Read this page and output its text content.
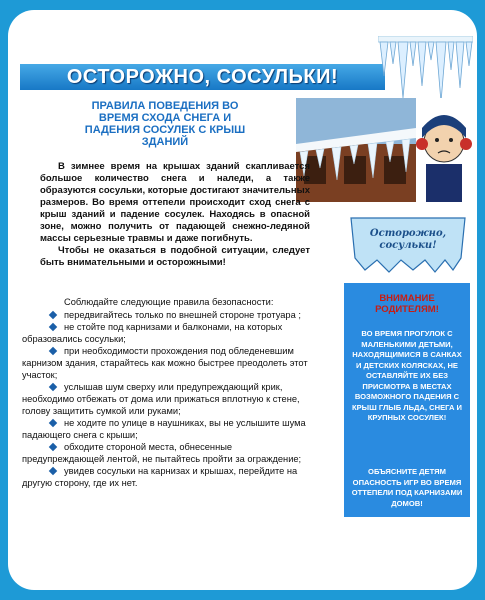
ОСТОРОЖНО, СОСУЛЬКИ!
Осторожно,
сосульки!
ПРАВИЛА ПОВЕДЕНИЯ ВО
ВРЕМЯ СХОДА СНЕГА И
ПАДЕНИЯ СОСУЛЕК С КРЫШ
ЗДАНИЙ

В зимнее время на крышах зданий скапливается большое количество снега и наледи, а также образуются сосульки, которые достигают значительных размеров. Во время оттепели происходит сход снега с крыш зданий и падение сосулек. Находясь в опасной зоне, можно получить от падающей снежно-ледяной массы серьезные травмы и даже погибнуть.

Чтобы не оказаться в подобной ситуации, следует быть внимательными и осторожными!

Соблюдайте следующие правила безопасности:
передвигайтесь только по внешней стороне тротуара ;
не стойте под карнизами и балконами, на которых образовались сосульки;
при необходимости прохождения под обледеневшим карнизом здания, старайтесь как можно быстрее преодолеть этот участок;
услышав шум сверху или предупреждающий крик, необходимо отбежать от дома или прижаться вплотную к стене, голову защитить сумкой или руками;
не ходите по улице в наушниках, вы не услышите шума падающего снега с крыши;
обходите стороной места, обнесенные предупреждающей лентой, не пытайтесь пройти за ограждение;
увидев сосульки на карнизах и крышах, перейдите на другую сторону, где их нет.
ВНИМАНИЕ
РОДИТЕЛЯМ!
ВО ВРЕМЯ ПРОГУЛОК С МАЛЕНЬКИМИ ДЕТЬМИ, НАХОДЯЩИМИСЯ В САНКАХ И ДЕТСКИХ КОЛЯСКАХ, НЕ ОСТАВЛЯЙТЕ ИХ БЕЗ ПРИСМОТРА В МЕСТАХ ВОЗМОЖНОГО ПАДЕНИЯ С КРЫШ ГЛЫБ ЛЬДА, СНЕГА И КРУПНЫХ СОСУЛЕК!
ОБЪЯСНИТЕ ДЕТЯМ ОПАСНОСТЬ ИГР ВО ВРЕМЯ ОТТЕПЕЛИ ПОД КАРНИЗАМИ ДОМОВ!
